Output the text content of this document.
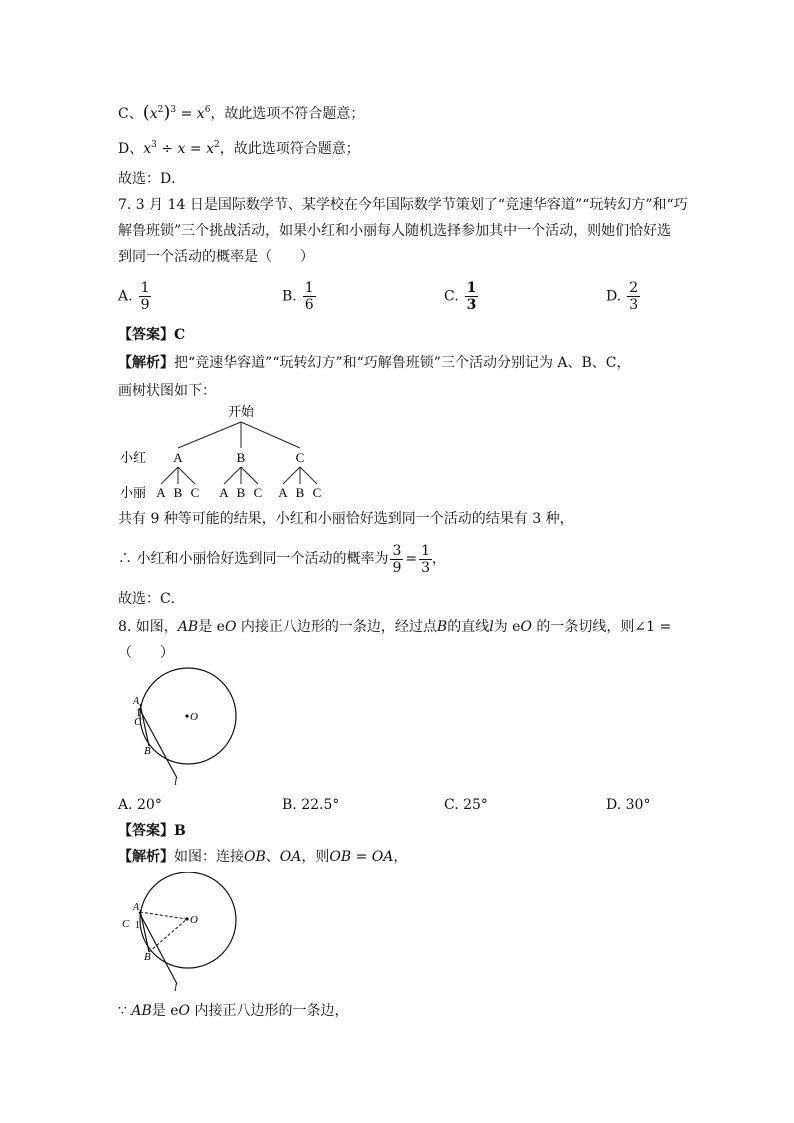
C、$(x^2)^3 = x^6$，故此选项不符合题意；
D、$x^3 \div x = x^2$，故此选项符合题意；
故选：D．
7. 3 月 14 日是国际数学节、某学校在今年国际数学节策划了“竞速华容道”“玩转幻方”和“巧
解鲁班锁”三个挑战活动，如果小红和小丽每人随机选择参加其中一个活动，则她们恰好选
到同一个活动的概率是（　　）
A. $\frac{1}{9}$	B. $\frac{1}{6}$	C. $\frac{1}{3}$	D. $\frac{2}{3}$
【答案】C
【解析】把“竞速华容道”“玩转幻方”和“巧解鲁班锁”三个活动分别记为 A、B、C，
画树状图如下：
开始
小红 A	B	C
小丽 A B C A B C A B C
共有 9 种等可能的结果，小红和小丽恰好选到同一个活动的结果有 3 种，
∴ 小红和小丽恰好选到同一个活动的概率为 $\frac{3}{9} = \frac{1}{3}$ ，
故选：C．
8. 如图，AB是 eO 内接正八边形的一条边，经过点B的直线l为 eO 的一条切线，则∠1 =
（　　）
O
A
C
1
B
l
A. 20°	B. 22.5°	C. 25°	D. 30°
【答案】B
【解析】如图：连接OB、OA，则OB = OA，
O
A
C 1
B
l
∵ AB是 eO 内接正八边形的一条边，
